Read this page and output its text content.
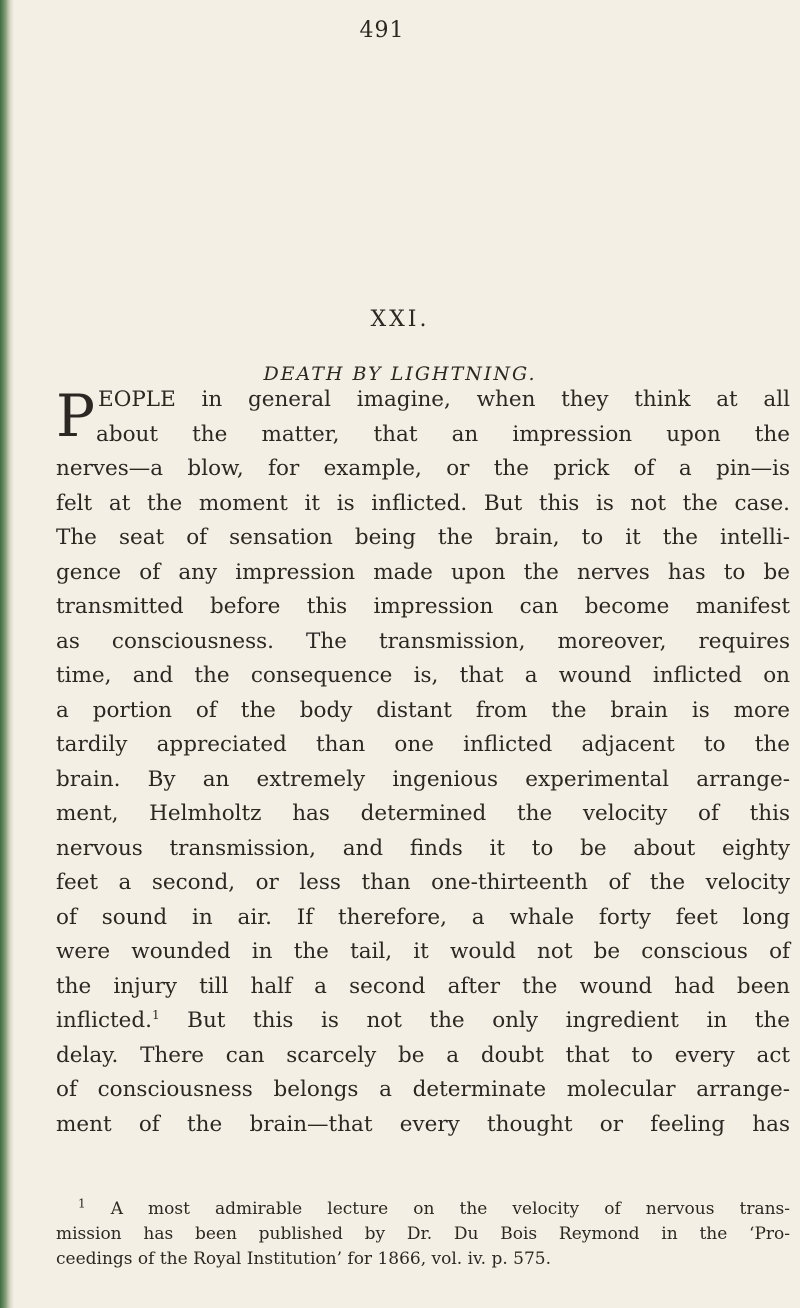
491
XXI.
DEATH BY LIGHTNING.
P EOPLE in general imagine, when they think at all
about the matter, that an impression upon the
nerves—a blow, for example, or the prick of a pin—is
felt at the moment it is inflicted. But this is not the case.
The seat of sensation being the brain, to it the intelli-
gence of any impression made upon the nerves has to be
transmitted before this impression can become manifest
as consciousness. The transmission, moreover, requires
time, and the consequence is, that a wound inflicted on
a portion of the body distant from the brain is more
tardily appreciated than one inflicted adjacent to the
brain. By an extremely ingenious experimental arrange-
ment, Helmholtz has determined the velocity of this
nervous transmission, and finds it to be about eighty
feet a second, or less than one-thirteenth of the velocity
of sound in air. If therefore, a whale forty feet long
were wounded in the tail, it would not be conscious of
the injury till half a second after the wound had been
inflicted.$^1$ But this is not the only ingredient in the
delay. There can scarcely be a doubt that to every act
of consciousness belongs a determinate molecular arrange-
ment of the brain—that every thought or feeling has
$^1$ A most admirable lecture on the velocity of nervous trans-
mission has been published by Dr. Du Bois Reymond in the ‘Pro-
ceedings of the Royal Institution’ for 1866, vol. iv. p. 575.
